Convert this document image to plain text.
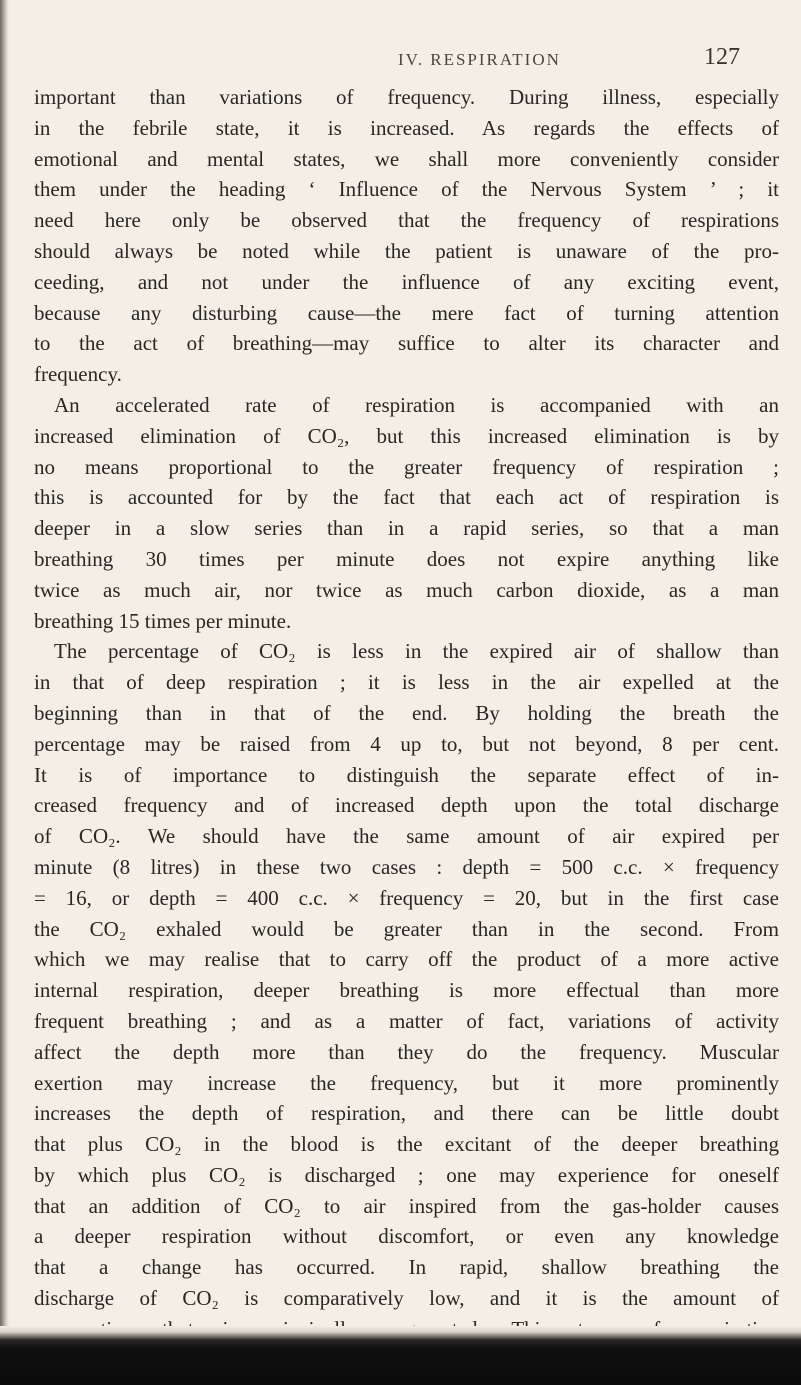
IV. RESPIRATION	127
important than variations of frequency. During illness, especially
in the febrile state, it is increased. As regards the effects of
emotional and mental states, we shall more conveniently consider
them under the heading ‘ Influence of the Nervous System ’ ; it
need here only be observed that the frequency of respirations
should always be noted while the patient is unaware of the pro-
ceeding, and not under the influence of any exciting event,
because any disturbing cause—the mere fact of turning attention
to the act of breathing—may suffice to alter its character and
frequency.
An accelerated rate of respiration is accompanied with an
increased elimination of CO₂, but this increased elimination is by
no means proportional to the greater frequency of respiration ;
this is accounted for by the fact that each act of respiration is
deeper in a slow series than in a rapid series, so that a man
breathing 30 times per minute does not expire anything like
twice as much air, nor twice as much carbon dioxide, as a man
breathing 15 times per minute.
The percentage of CO₂ is less in the expired air of shallow than
in that of deep respiration ; it is less in the air expelled at the
beginning than in that of the end. By holding the breath the
percentage may be raised from 4 up to, but not beyond, 8 per cent.
It is of importance to distinguish the separate effect of in-
creased frequency and of increased depth upon the total discharge
of CO₂. We should have the same amount of air expired per
minute (8 litres) in these two cases : depth = 500 c.c. × frequency
= 16, or depth = 400 c.c. × frequency = 20, but in the first case
the CO₂ exhaled would be greater than in the second. From
which we may realise that to carry off the product of a more active
internal respiration, deeper breathing is more effectual than more
frequent breathing ; and as a matter of fact, variations of activity
affect the depth more than they do the frequency. Muscular
exertion may increase the frequency, but it more prominently
increases the depth of respiration, and there can be little doubt
that plus CO₂ in the blood is the excitant of the deeper breathing
by which plus CO₂ is discharged ; one may experience for oneself
that an addition of CO₂ to air inspired from the gas-holder causes
a deeper respiration without discomfort, or even any knowledge
that a change has occurred. In rapid, shallow breathing the
discharge of CO₂ is comparatively low, and it is the amount of
